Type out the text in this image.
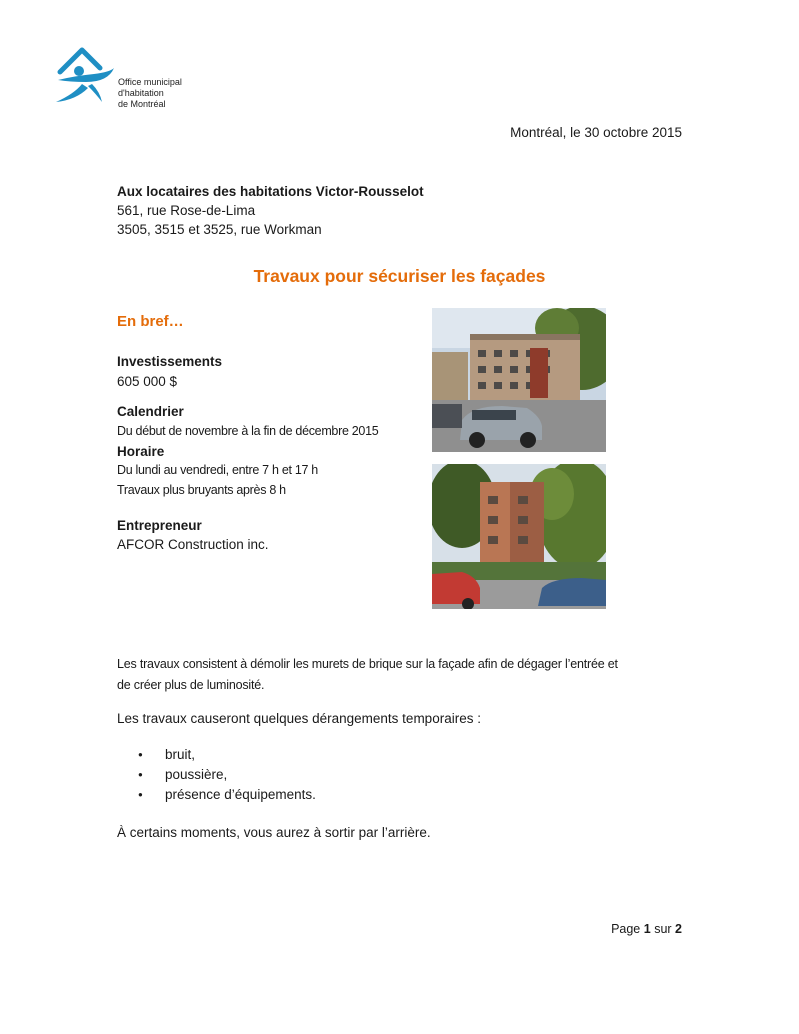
Office municipal
d'habitation
de Montréal
Montréal, le 30 octobre 2015
Aux locataires des habitations Victor-Rousselot
561, rue Rose-de-Lima
3505, 3515 et 3525, rue Workman
Travaux pour sécuriser les façades
En bref…
Investissements
605 000 $
Calendrier
Du début de novembre à la fin de décembre 2015
Horaire
Du lundi au vendredi, entre 7 h et 17 h
Travaux plus bruyants après 8 h
Entrepreneur
AFCOR Construction inc.
Les travaux consistent à démolir les murets de brique sur la façade afin de dégager l’entrée et
de créer plus de luminosité.
Les travaux causeront quelques dérangements temporaires :
● bruit,
● poussière,
● présence d’équipements.
À certains moments, vous aurez à sortir par l’arrière.
Page 1 sur 2
